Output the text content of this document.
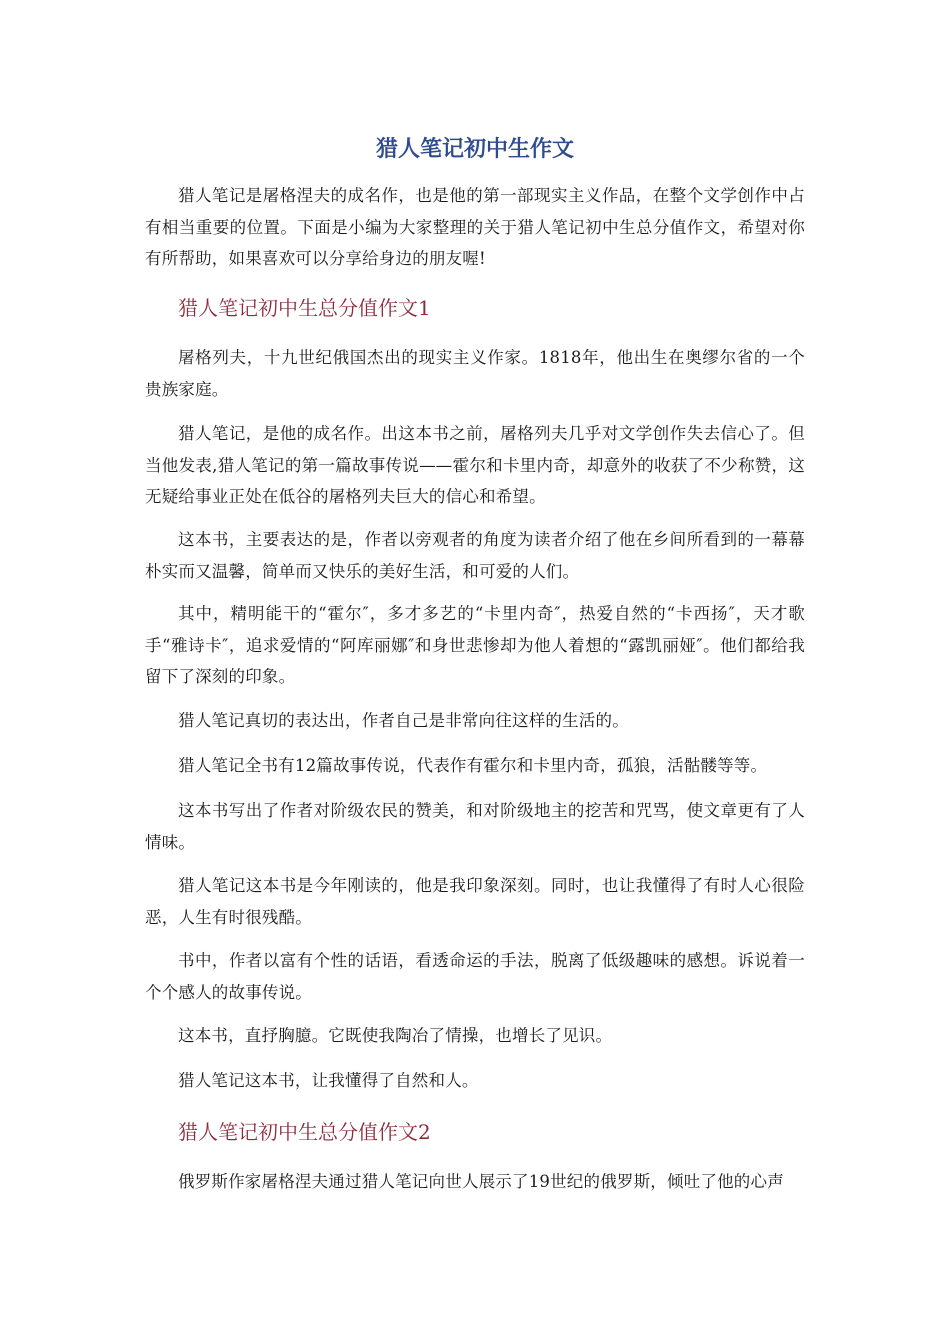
猎人笔记初中生作文

猎人笔记是屠格涅夫的成名作，也是他的第一部现实主义作品，在整个文学创作中占有相当重要的位置。下面是小编为大家整理的关于猎人笔记初中生总分值作文，希望对你有所帮助，如果喜欢可以分享给身边的朋友喔!

猎人笔记初中生总分值作文1

屠格列夫，十九世纪俄国杰出的现实主义作家。1818年，他出生在奥缪尔省的一个贵族家庭。

猎人笔记，是他的成名作。出这本书之前，屠格列夫几乎对文学创作失去信心了。但当他发表,猎人笔记的第一篇故事传说——霍尔和卡里内奇，却意外的收获了不少称赞，这无疑给事业正处在低谷的屠格列夫巨大的信心和希望。

这本书，主要表达的是，作者以旁观者的角度为读者介绍了他在乡间所看到的一幕幕朴实而又温馨，简单而又快乐的美好生活，和可爱的人们。

其中，精明能干的“霍尔″，多才多艺的“卡里内奇″，热爱自然的“卡西扬″，天才歌手“雅诗卡″，追求爱情的“阿库丽娜″和身世悲惨却为他人着想的“露凯丽娅″。他们都给我留下了深刻的印象。

猎人笔记真切的表达出，作者自己是非常向往这样的生活的。

猎人笔记全书有12篇故事传说，代表作有霍尔和卡里内奇，孤狼，活骷髅等等。

这本书写出了作者对阶级农民的赞美，和对阶级地主的挖苦和咒骂，使文章更有了人情味。

猎人笔记这本书是今年刚读的，他是我印象深刻。同时，也让我懂得了有时人心很险恶，人生有时很残酷。

书中，作者以富有个性的话语，看透命运的手法，脱离了低级趣味的感想。诉说着一个个感人的故事传说。

这本书，直抒胸臆。它既使我陶冶了情操，也增长了见识。

猎人笔记这本书，让我懂得了自然和人。

猎人笔记初中生总分值作文2

俄罗斯作家屠格涅夫通过猎人笔记向世人展示了19世纪的俄罗斯，倾吐了他的心声
